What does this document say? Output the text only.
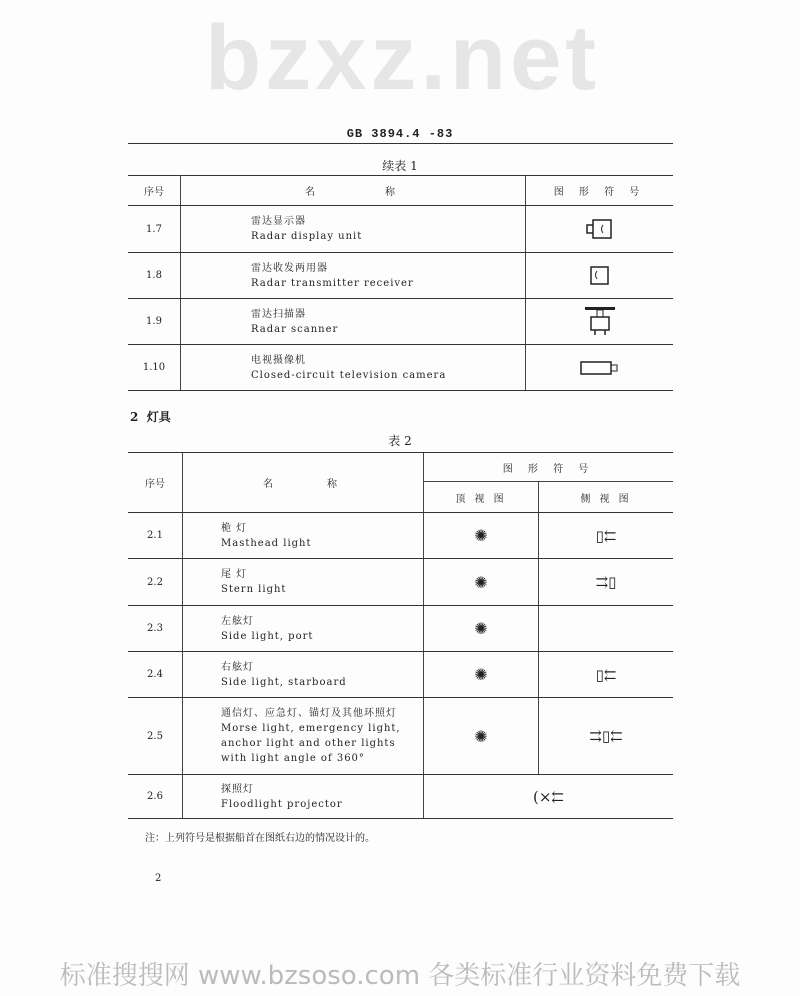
bzxz.net
GB 3894.4 -83
续表 1
序号	名　　　　称	图 形 符 号
1.7	雷达显示器
Radar display unit

1.8	雷达收发两用器
Radar transmitter receiver

1.9	雷达扫描器
Radar scanner

1.10	电视摄像机
Closed-circuit television camera

2 灯具
表 2
序号	名　　　称	图 形 符 号	
		顶 视 图	侧 视 图
2.1	桅 灯
Masthead light	✺	▯⇇
2.2	尾 灯
Stern light	✺	⇉▯
2.3	左舷灯
Side light, port	✺	
2.4	右舷灯
Side light, starboard	✺	▯⇇
2.5	通信灯、应急灯、锚灯及其他环照灯
Morse light, emergency light,
anchor light and other lights
with light angle of 360°	✺	⇉▯⇇
2.6	探照灯
Floodlight projector	(×⇇	
注：上列符号是根据船首在图纸右边的情况设计的。
2
标准搜搜网 www.bzsoso.com 各类标准行业资料免费下载
